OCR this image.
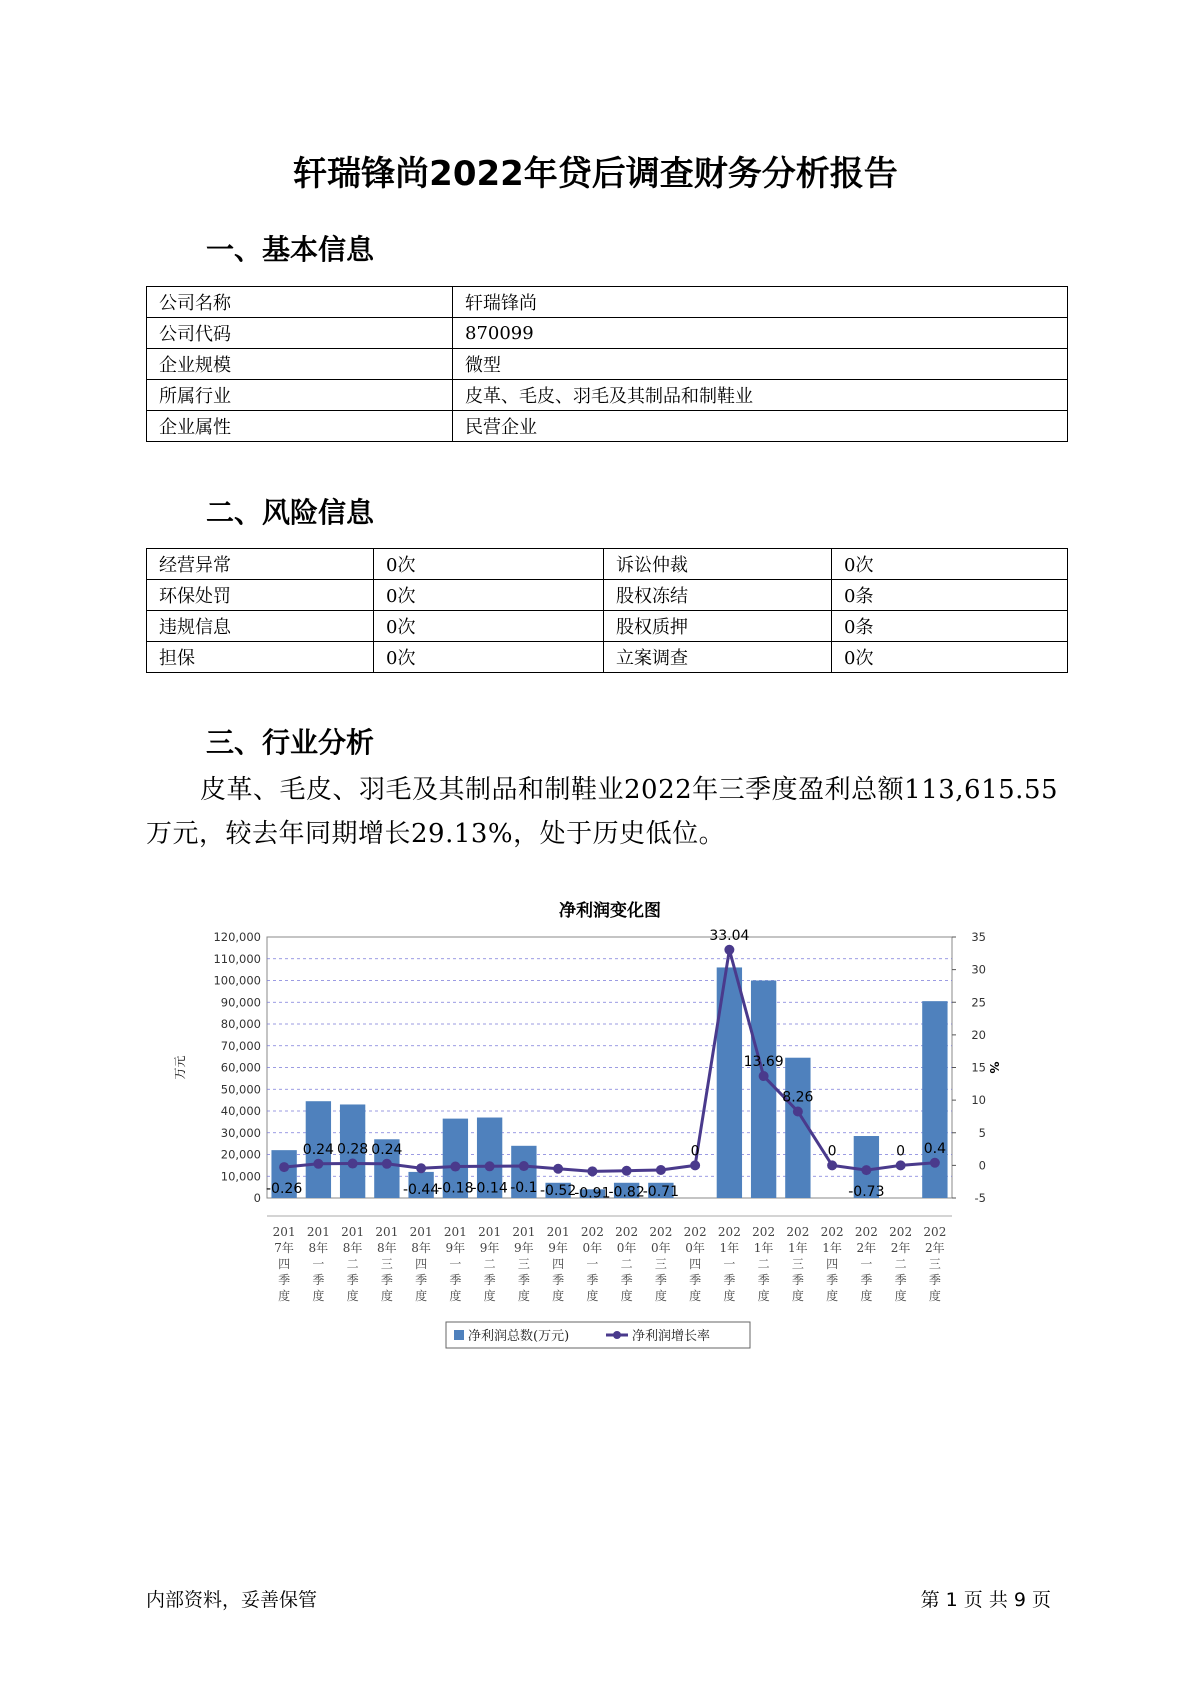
轩瑞锋尚2022年贷后调查财务分析报告
一、基本信息
公司名称	轩瑞锋尚
公司代码	870099
企业规模	微型
所属行业	皮革、毛皮、羽毛及其制品和制鞋业
企业属性	民营企业
二、风险信息
经营异常	0次	诉讼仲裁	0次
环保处罚	0次	股权冻结	0条
违规信息	0次	股权质押	0条
担保	0次	立案调查	0次
三、行业分析
皮革、毛皮、羽毛及其制品和制鞋业2022年三季度盈利总额113,615.55万元，较去年同期增长29.13%，处于历史低位。
净利润变化图
120,000
110,000
100,000
90,000
80,000
70,000
60,000
50,000
40,000
30,000
20,000
10,000
0
35
30
25
20
15
10
5
0
-5
万元	%
-0.26
0.24 0.28 0.24
-0.44
-0.18
-0.14 -0.1 -0.52
-0.91
-0.82
-0.71
0
33.04
13.69
8.26
0
-0.73
0 0.4
201
7年
四
季
度
201
8年
一
季
度
201
8年
二
季
度
201
8年
三
季
度
201
8年
四
季
度
201
9年
一
季
度
201
9年
二
季
度
201
9年
三
季
度
201
9年
四
季
度
202
0年
一
季
度
202
0年
二
季
度
202
0年
三
季
度
202
0年
四
季
度
202
1年
一
季
度
202
1年
二
季
度
202
1年
三
季
度
202
1年
四
季
度
202
2年
一
季
度
202
2年
二
季
度
202
2年
三
季
度
净利润总数(万元)	净利润增长率
内部资料，妥善保管	第 1 页 共 9 页
